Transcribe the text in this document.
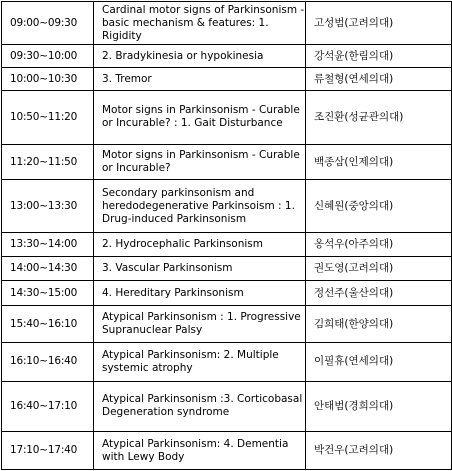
09:00~09:30	Cardinal motor signs of Parkinsonism - basic mechanism & features: 1. Rigidity	고성범(고려의대)
09:30~10:00	2. Bradykinesia or hypokinesia	강석윤(한림의대)
10:00~10:30	3. Tremor	류철형(연세의대)
10:50~11:20	Motor signs in Parkinsonism - Curable or Incurable? : 1. Gait Disturbance	조진환(성균관의대)
11:20~11:50	Motor signs in Parkinsonism - Curable or Incurable?	백종삼(인제의대)
13:00~13:30	Secondary parkinsonism and heredodegenerative Parkinsoism : 1. Drug-induced Parkinsonism	신혜원(중앙의대)
13:30~14:00	2. Hydrocephalic Parkinsonism	옹석우(아주의대)
14:00~14:30	3. Vascular Parkinsonism	권도영(고려의대)
14:30~15:00	4. Hereditary Parkinsonism	정선주(울산의대)
15:40~16:10	Atypical Parkinsonism : 1. Progressive Supranuclear Palsy	김희태(한양의대)
16:10~16:40	Atypical Parkinsonism: 2. Multiple systemic atrophy	이필휴(연세의대)
16:40~17:10	Atypical Parkinsonism :3. Corticobasal Degeneration syndrome	안태범(경희의대)
17:10~17:40	Atypical Parkinsonism: 4. Dementia with Lewy Body	박건우(고려의대)
